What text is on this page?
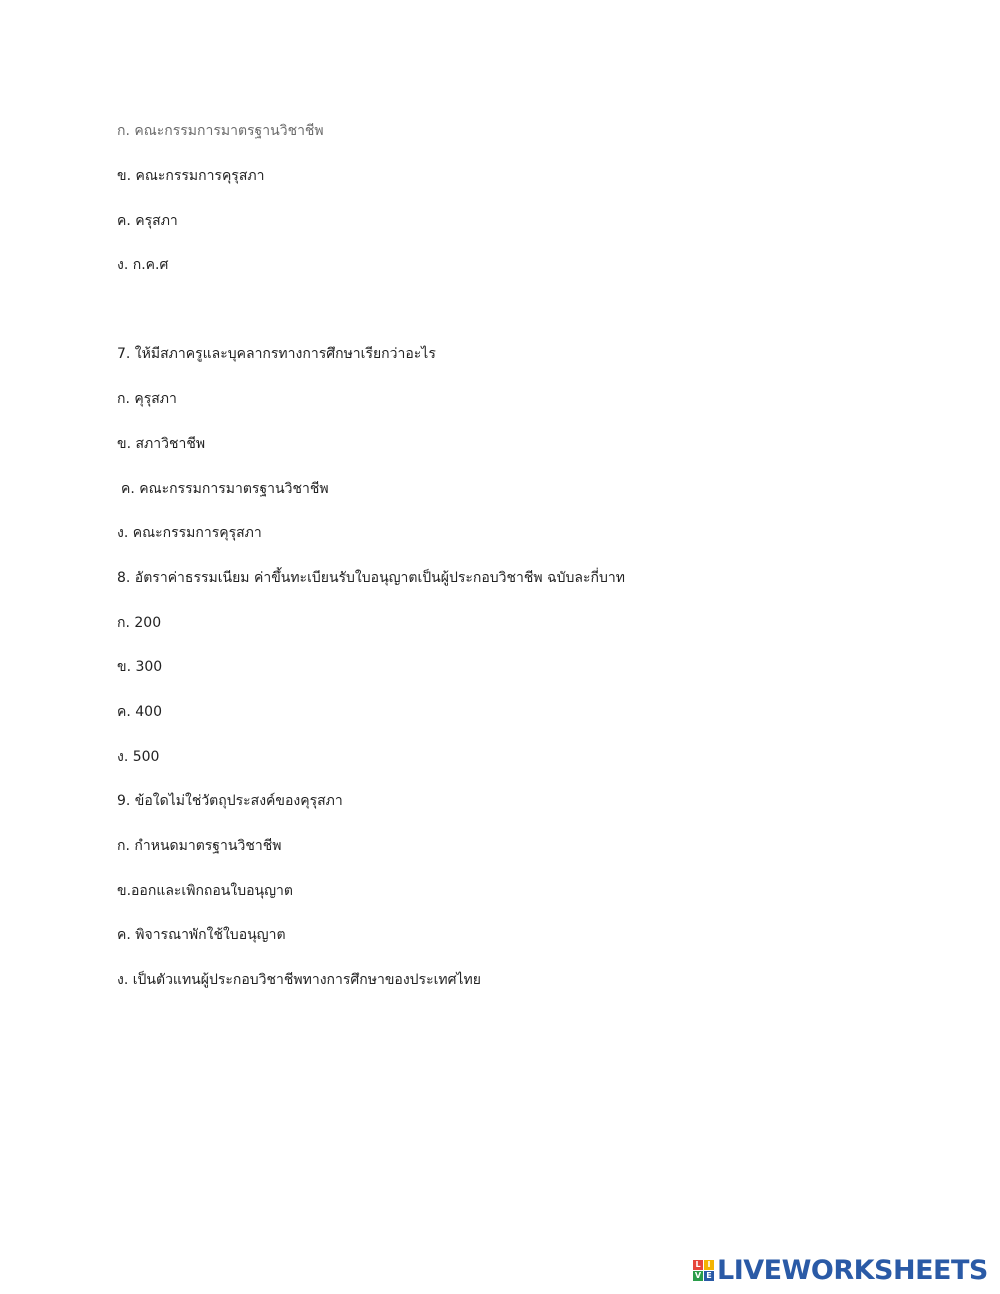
ก. คณะกรรมการมาตรฐานวิชาชีพ
ข. คณะกรรมการคุรุสภา
ค. ครุสภา
ง. ก.ค.ศ
7. ให้มีสภาครูและบุคลากรทางการศึกษาเรียกว่าอะไร
ก. คุรุสภา
ข. สภาวิชาชีพ
ค. คณะกรรมการมาตรฐานวิชาชีพ
ง. คณะกรรมการคุรุสภา
8. อัตราค่าธรรมเนียม ค่าขึ้นทะเบียนรับใบอนุญาตเป็นผู้ประกอบวิชาชีพ ฉบับละกี่บาท
ก. 200
ข. 300
ค. 400
ง. 500
9. ข้อใดไม่ใช่วัตถุประสงค์ของคุรุสภา
ก. กำหนดมาตรฐานวิชาชีพ
ข.ออกและเพิกถอนใบอนุญาต
ค. พิจารณาพักใช้ใบอนุญาต
ง. เป็นตัวแทนผู้ประกอบวิชาชีพทางการศึกษาของประเทศไทย
L I
V E LIVEWORKSHEETS
